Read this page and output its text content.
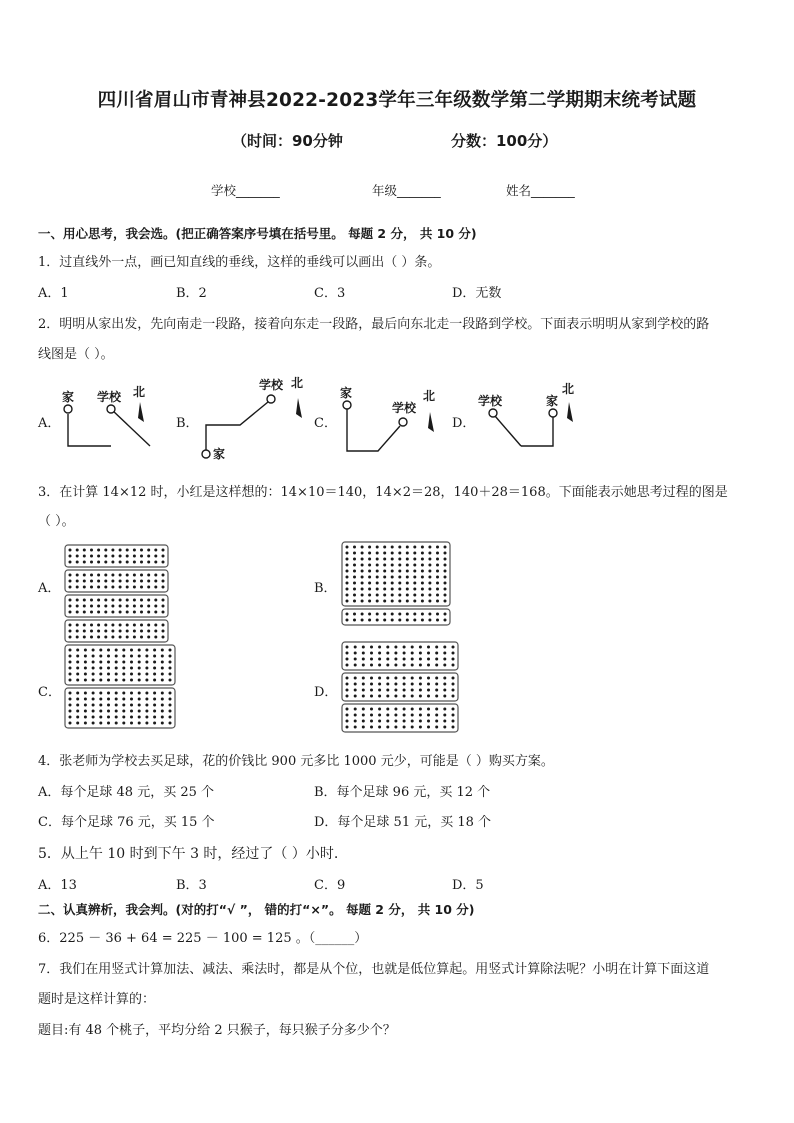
四川省眉山市青神县2022-2023学年三年级数学第二学期期末统考试题
（时间：90分钟	分数：100分）
学校_______	年级_______	姓名_______
一、用心思考，我会选。(把正确答案序号填在括号里。 每题 2 分， 共 10 分)
1．过直线外一点，画已知直线的垂线，这样的垂线可以画出（ ）条。
A．1	B．2	C．3	D．无数
2．明明从家出发，先向南走一段路，接着向东走一段路，最后向东北走一段路到学校。下面表示明明从家到学校的路
线图是（ ）。
A．	B．	C．	D．
家 学校 北
家
学校 北
家
学校
北	学校	家
北
3．在计算 14×12 时，小红是这样想的：14×10＝140，14×2＝28，140＋28＝168。下面能表示她思考过程的图是
（ ）。
A．	B．
C．	D．
4．张老师为学校去买足球，花的价钱比 900 元多比 1000 元少，可能是（ ）购买方案。
A．每个足球 48 元，买 25 个	B．每个足球 96 元，买 12 个
C．每个足球 76 元，买 15 个	D．每个足球 51 元，买 18 个
5．从上午 10 时到下午 3 时，经过了（ ）小时.
A．13	B．3	C．9	D．5
二、认真辨析，我会判。(对的打“√ ”， 错的打“×”。 每题 2 分， 共 10 分)
6．225 － 36 + 64 = 225 － 100 = 125 。（______）
7．我们在用竖式计算加法、减法、乘法时，都是从个位，也就是低位算起。用竖式计算除法呢？小明在计算下面这道
题时是这样计算的：
题目:有 48 个桃子，平均分给 2 只猴子，每只猴子分多少个？
